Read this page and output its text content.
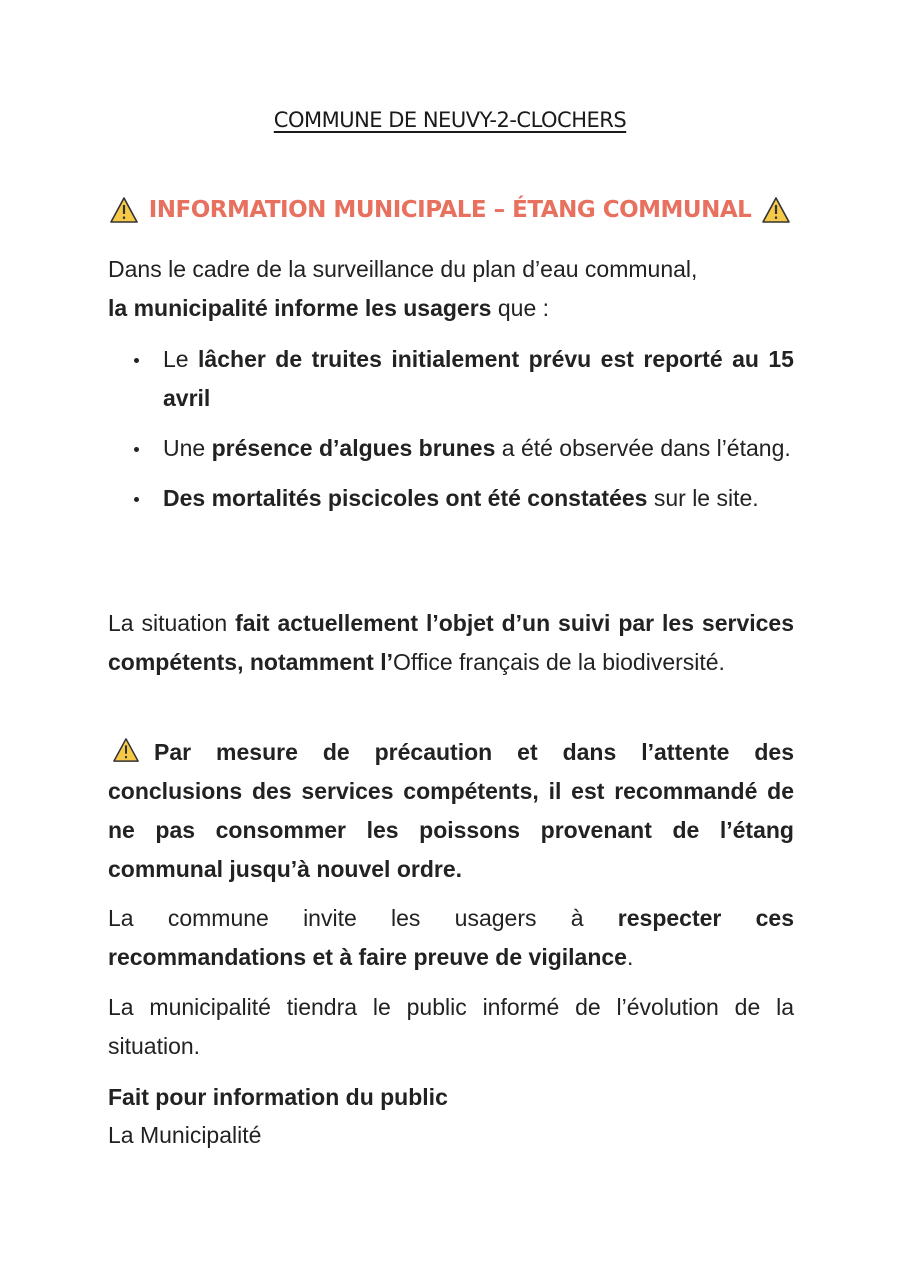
COMMUNE DE NEUVY-2-CLOCHERS
INFORMATION MUNICIPALE – ÉTANG COMMUNAL
Dans le cadre de la surveillance du plan d’eau communal,
la municipalité informe les usagers que :
Le lâcher de truites initialement prévu est reporté au 15 avril
Une présence d’algues brunes a été observée dans l’étang.
Des mortalités piscicoles ont été constatées sur le site.
La situation fait actuellement l’objet d’un suivi par les services compétents, notamment l’Office français de la biodiversité.
Par mesure de précaution et dans l’attente des conclusions des services compétents, il est recommandé de ne pas consommer les poissons provenant de l’étang communal jusqu’à nouvel ordre.
La commune invite les usagers à respecter ces recommandations et à faire preuve de vigilance.
La municipalité tiendra le public informé de l’évolution de la situation.
Fait pour information du public
La Municipalité
